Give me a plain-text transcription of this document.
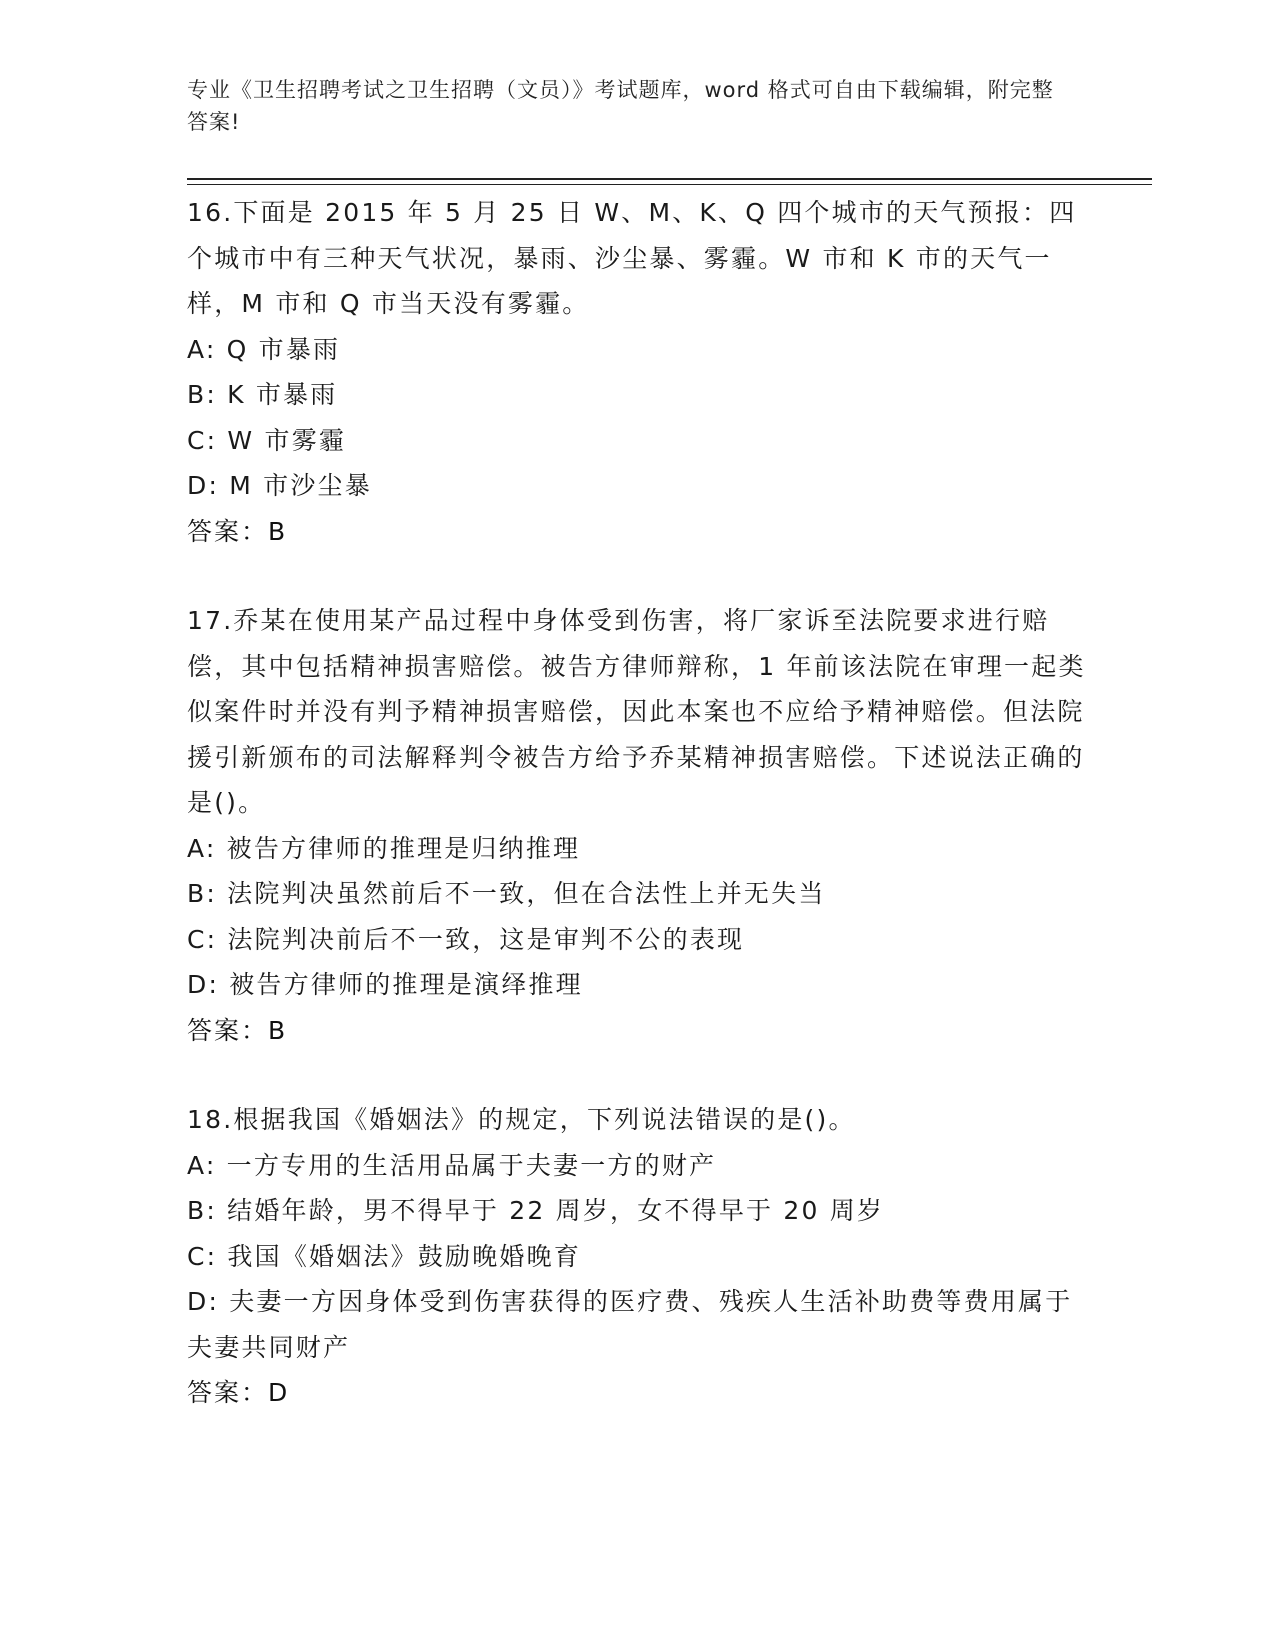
专业《卫生招聘考试之卫生招聘（文员）》考试题库，word 格式可自由下载编辑，附完整答案!
16.下面是 2015 年 5 月 25 日 W、M、K、Q 四个城市的天气预报：四个城市中有三种天气状况，暴雨、沙尘暴、雾霾。W 市和 K 市的天气一样，M 市和 Q 市当天没有雾霾。
A: Q 市暴雨
B: K 市暴雨
C: W 市雾霾
D: M 市沙尘暴
答案：B
17.乔某在使用某产品过程中身体受到伤害，将厂家诉至法院要求进行赔偿，其中包括精神损害赔偿。被告方律师辩称，1 年前该法院在审理一起类似案件时并没有判予精神损害赔偿，因此本案也不应给予精神赔偿。但法院援引新颁布的司法解释判令被告方给予乔某精神损害赔偿。下述说法正确的是()。
A: 被告方律师的推理是归纳推理
B: 法院判决虽然前后不一致，但在合法性上并无失当
C: 法院判决前后不一致，这是审判不公的表现
D: 被告方律师的推理是演绎推理
答案：B
18.根据我国《婚姻法》的规定，下列说法错误的是()。
A: 一方专用的生活用品属于夫妻一方的财产
B: 结婚年龄，男不得早于 22 周岁，女不得早于 20 周岁
C: 我国《婚姻法》鼓励晚婚晚育
D: 夫妻一方因身体受到伤害获得的医疗费、残疾人生活补助费等费用属于夫妻共同财产
答案：D
